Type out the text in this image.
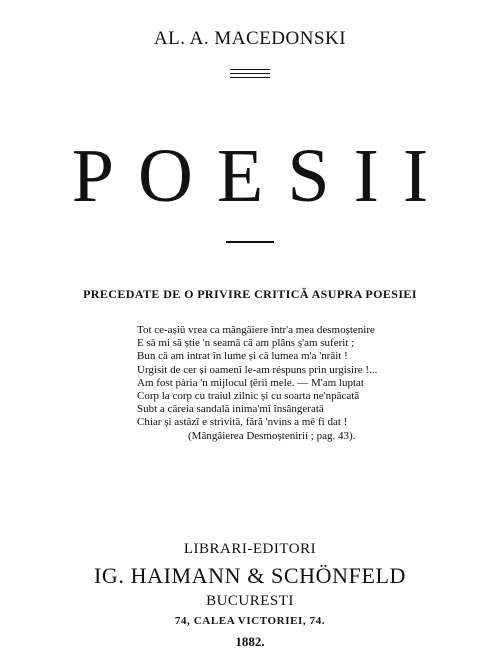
AL. A. MACEDONSKI
POESII
PRECEDATE DE O PRIVIRE CRITICĂ ASUPRA POESIEI
Tot ce-așiŭ vrea ca mângâiere într'a mea desmoștenire
E să mi să știe 'n seamă că am plâns ș'am suferit ;
Bun că am intrat în lume și că lumea m'a 'nrăit !
Urgisit de cer și oamenĭ le-am réspuns prin urgisire !...
Am fost pària 'n mijlocul țĕrii mele. — M'am luptat
Corp la corp cu traiul zilnic și cu soarta ne'npăcată
Subt a căreia sandală inima'mĭ însângerată
Chiar și astăzĭ e strivită, fără 'nvins a mĕ fi dat !
(Mângâierea Desmoștenirií ; pag. 43).
LIBRARI-EDITORI
IG. HAIMANN & SCHÖNFELD
BUCURESTI
74, CALEA VICTORIEI, 74.
1882.
